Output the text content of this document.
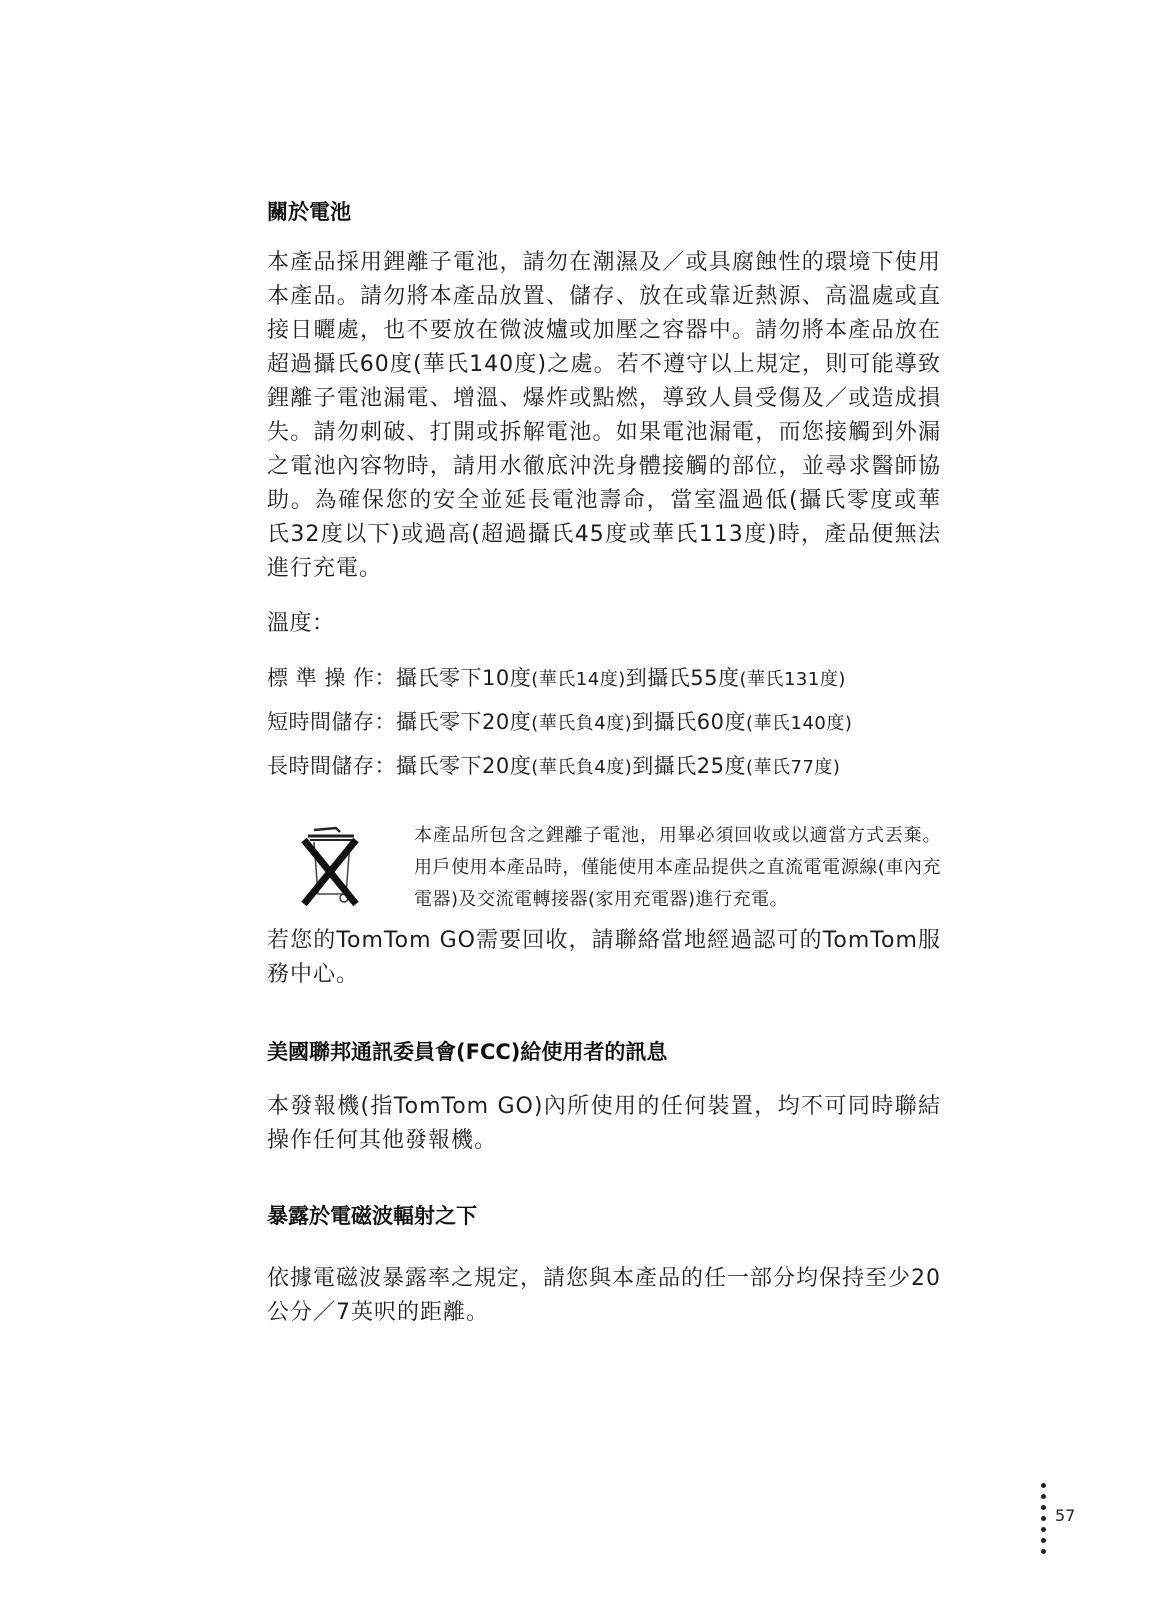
關於電池
本產品採用鋰離子電池，請勿在潮濕及／或具腐蝕性的環境下使用本產品。請勿將本產品放置、儲存、放在或靠近熱源、高溫處或直接日曬處，也不要放在微波爐或加壓之容器中。請勿將本產品放在超過攝氏60度(華氏140度)之處。若不遵守以上規定，則可能導致鋰離子電池漏電、增溫、爆炸或點燃，導致人員受傷及／或造成損失。請勿刺破、打開或拆解電池。如果電池漏電，而您接觸到外漏之電池內容物時，請用水徹底沖洗身體接觸的部位，並尋求醫師協助。為確保您的安全並延長電池壽命，當室溫過低(攝氏零度或華氏32度以下)或過高(超過攝氏45度或華氏113度)時，產品便無法進行充電。
溫度：
標 準 操 作：攝氏零下10度(華氏14度)到攝氏55度(華氏131度)
短時間儲存：攝氏零下20度(華氏負4度)到攝氏60度(華氏140度)
長時間儲存：攝氏零下20度(華氏負4度)到攝氏25度(華氏77度)
若您的TomTom GO需要回收，請聯絡當地經過認可的TomTom服務中心。
美國聯邦通訊委員會(FCC)給使用者的訊息
本發報機(指TomTom GO)內所使用的任何裝置，均不可同時聯結操作任何其他發報機。
暴露於電磁波輻射之下
依據電磁波暴露率之規定，請您與本產品的任一部分均保持至少20公分／7英呎的距離。
本產品所包含之鋰離子電池，用畢必須回收或以適當方式丟棄。用戶使用本產品時，僅能使用本產品提供之直流電電源線(車內充電器)及交流電轉接器(家用充電器)進行充電。
57
